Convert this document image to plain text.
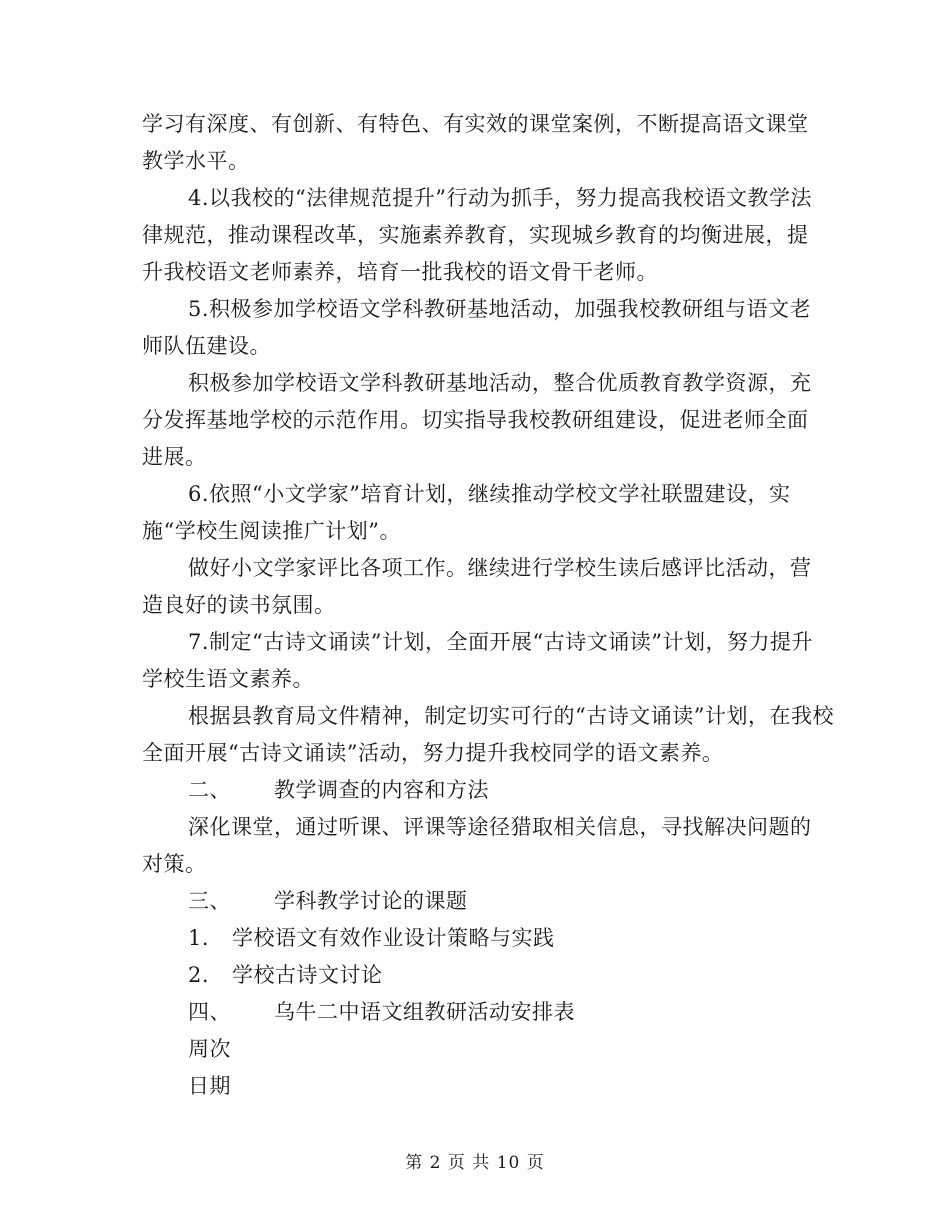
学习有深度、有创新、有特色、有实效的课堂案例，不断提高语文课堂教学水平。

4.以我校的“法律规范提升”行动为抓手，努力提高我校语文教学法律规范，推动课程改革，实施素养教育，实现城乡教育的均衡进展，提升我校语文老师素养，培育一批我校的语文骨干老师。

5.积极参加学校语文学科教研基地活动，加强我校教研组与语文老师队伍建设。

积极参加学校语文学科教研基地活动，整合优质教育教学资源，充分发挥基地学校的示范作用。切实指导我校教研组建设，促进老师全面进展。

6.依照“小文学家”培育计划，继续推动学校文学社联盟建设，实施“学校生阅读推广计划”。

做好小文学家评比各项工作。继续进行学校生读后感评比活动，营造良好的读书氛围。

7.制定“古诗文诵读”计划，全面开展“古诗文诵读”计划，努力提升学校生语文素养。

根据县教育局文件精神，制定切实可行的“古诗文诵读”计划，在我校全面开展“古诗文诵读”活动，努力提升我校同学的语文素养。

二、 教学调查的内容和方法

深化课堂，通过听课、评课等途径猎取相关信息，寻找解决问题的对策。

三、 学科教学讨论的课题

1. 学校语文有效作业设计策略与实践

2. 学校古诗文讨论

四、 乌牛二中语文组教研活动安排表

周次

日期

第 2 页 共 10 页
